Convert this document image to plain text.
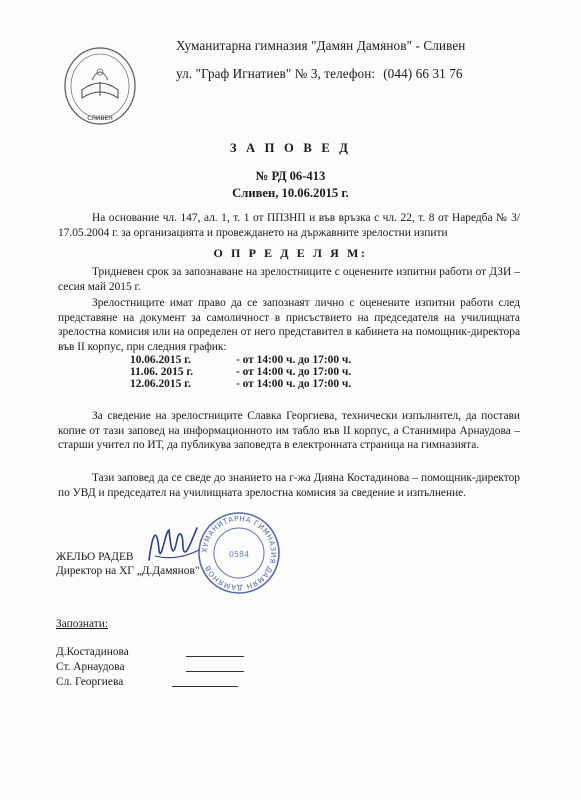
СЛИВЕН
Хуманитарна гимназия "Дамян Дамянов" - Сливен
ул. "Граф Игнатиев" № 3, телефон: (044) 66 31 76
З А П О В Е Д
№ РД 06-413
Сливен, 10.06.2015 г.
На основание чл. 147, ал. 1, т. 1 от ППЗНП и във връзка с чл. 22, т. 8 от Наредба № 3/ 17.05.2004 г. за организацията и провеждането на държавните зрелостни изпити
О П Р Е Д Е Л Я М:
Тридневен срок за запознаване на зрелостниците с оценените изпитни работи от ДЗИ – сесия май 2015 г.
Зрелостниците имат право да се запознаят лично с оценените изпитни работи след представяне на документ за самоличност в присъствието на председателя на училищната зрелостна комисия или на определен от него представител в кабинета на помощник-директора във II корпус, при следния график:
10.06.2015 г.	- от 14:00 ч. до 17:00 ч.
11.06. 2015 г.	- от 14:00 ч. до 17:00 ч.
12.06.2015 г.	- от 14:00 ч. до 17:00 ч.
За сведение на зрелостниците Славка Георгиева, технически изпълнител, да постави копие от тази заповед на информационното им табло във II корпус, а Станимира Арнаудова – старши учител по ИТ, да публикува заповедта в електронната страница на гимназията.
Тази заповед да се сведе до знанието на г-жа Дияна Костадинова – помощник-директор по УВД и председател на училищната зрелостна комисия за сведение и изпълнение.
ХУМАНИТАРНА ГИМНАЗИЯ ДАМЯН ДАМЯНОВ
0584
ЖЕЛЬО РАДЕВ
Директор на ХГ „Д.Дамянов"
Запознати:
Д.Костадинова
Ст. Арнаудова
Сл. Георгиева
